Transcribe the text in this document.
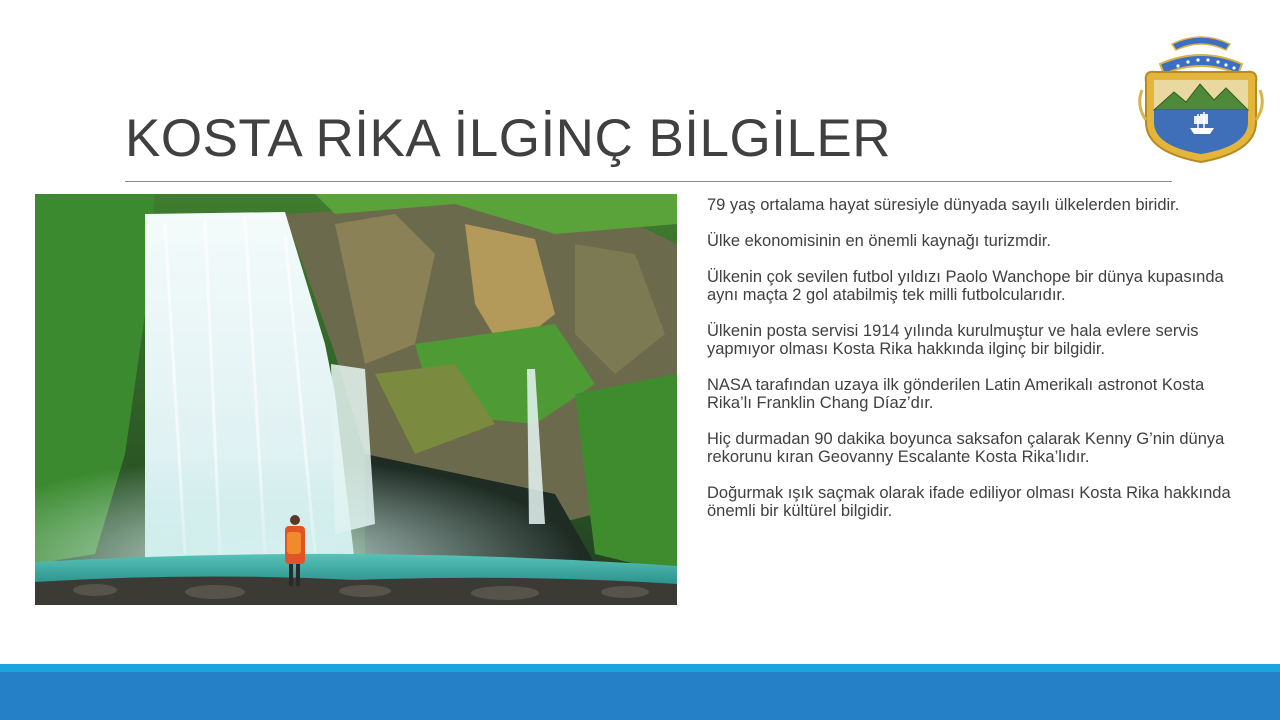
KOSTA RİKA İLGİNÇ BİLGİLER

79 yaş ortalama hayat süresiyle dünyada sayılı ülkelerden biridir.

Ülke ekonomisinin en önemli kaynağı turizmdir.

Ülkenin çok sevilen futbol yıldızı Paolo Wanchope bir dünya kupasında aynı maçta 2 gol atabilmiş tek milli futbolcularıdır.

Ülkenin posta servisi 1914 yılında kurulmuştur ve hala evlere servis yapmıyor olması Kosta Rika hakkında ilginç bir bilgidir.

NASA tarafından uzaya ilk gönderilen Latin Amerikalı astronot Kosta Rika’lı Franklin Chang Díaz’dır.

Hiç durmadan 90 dakika boyunca saksafon çalarak Kenny G’nin dünya rekorunu kıran Geovanny Escalante Kosta Rika’lıdır.

Doğurmak ışık saçmak olarak ifade ediliyor olması Kosta Rika hakkında önemli bir kültürel bilgidir.
